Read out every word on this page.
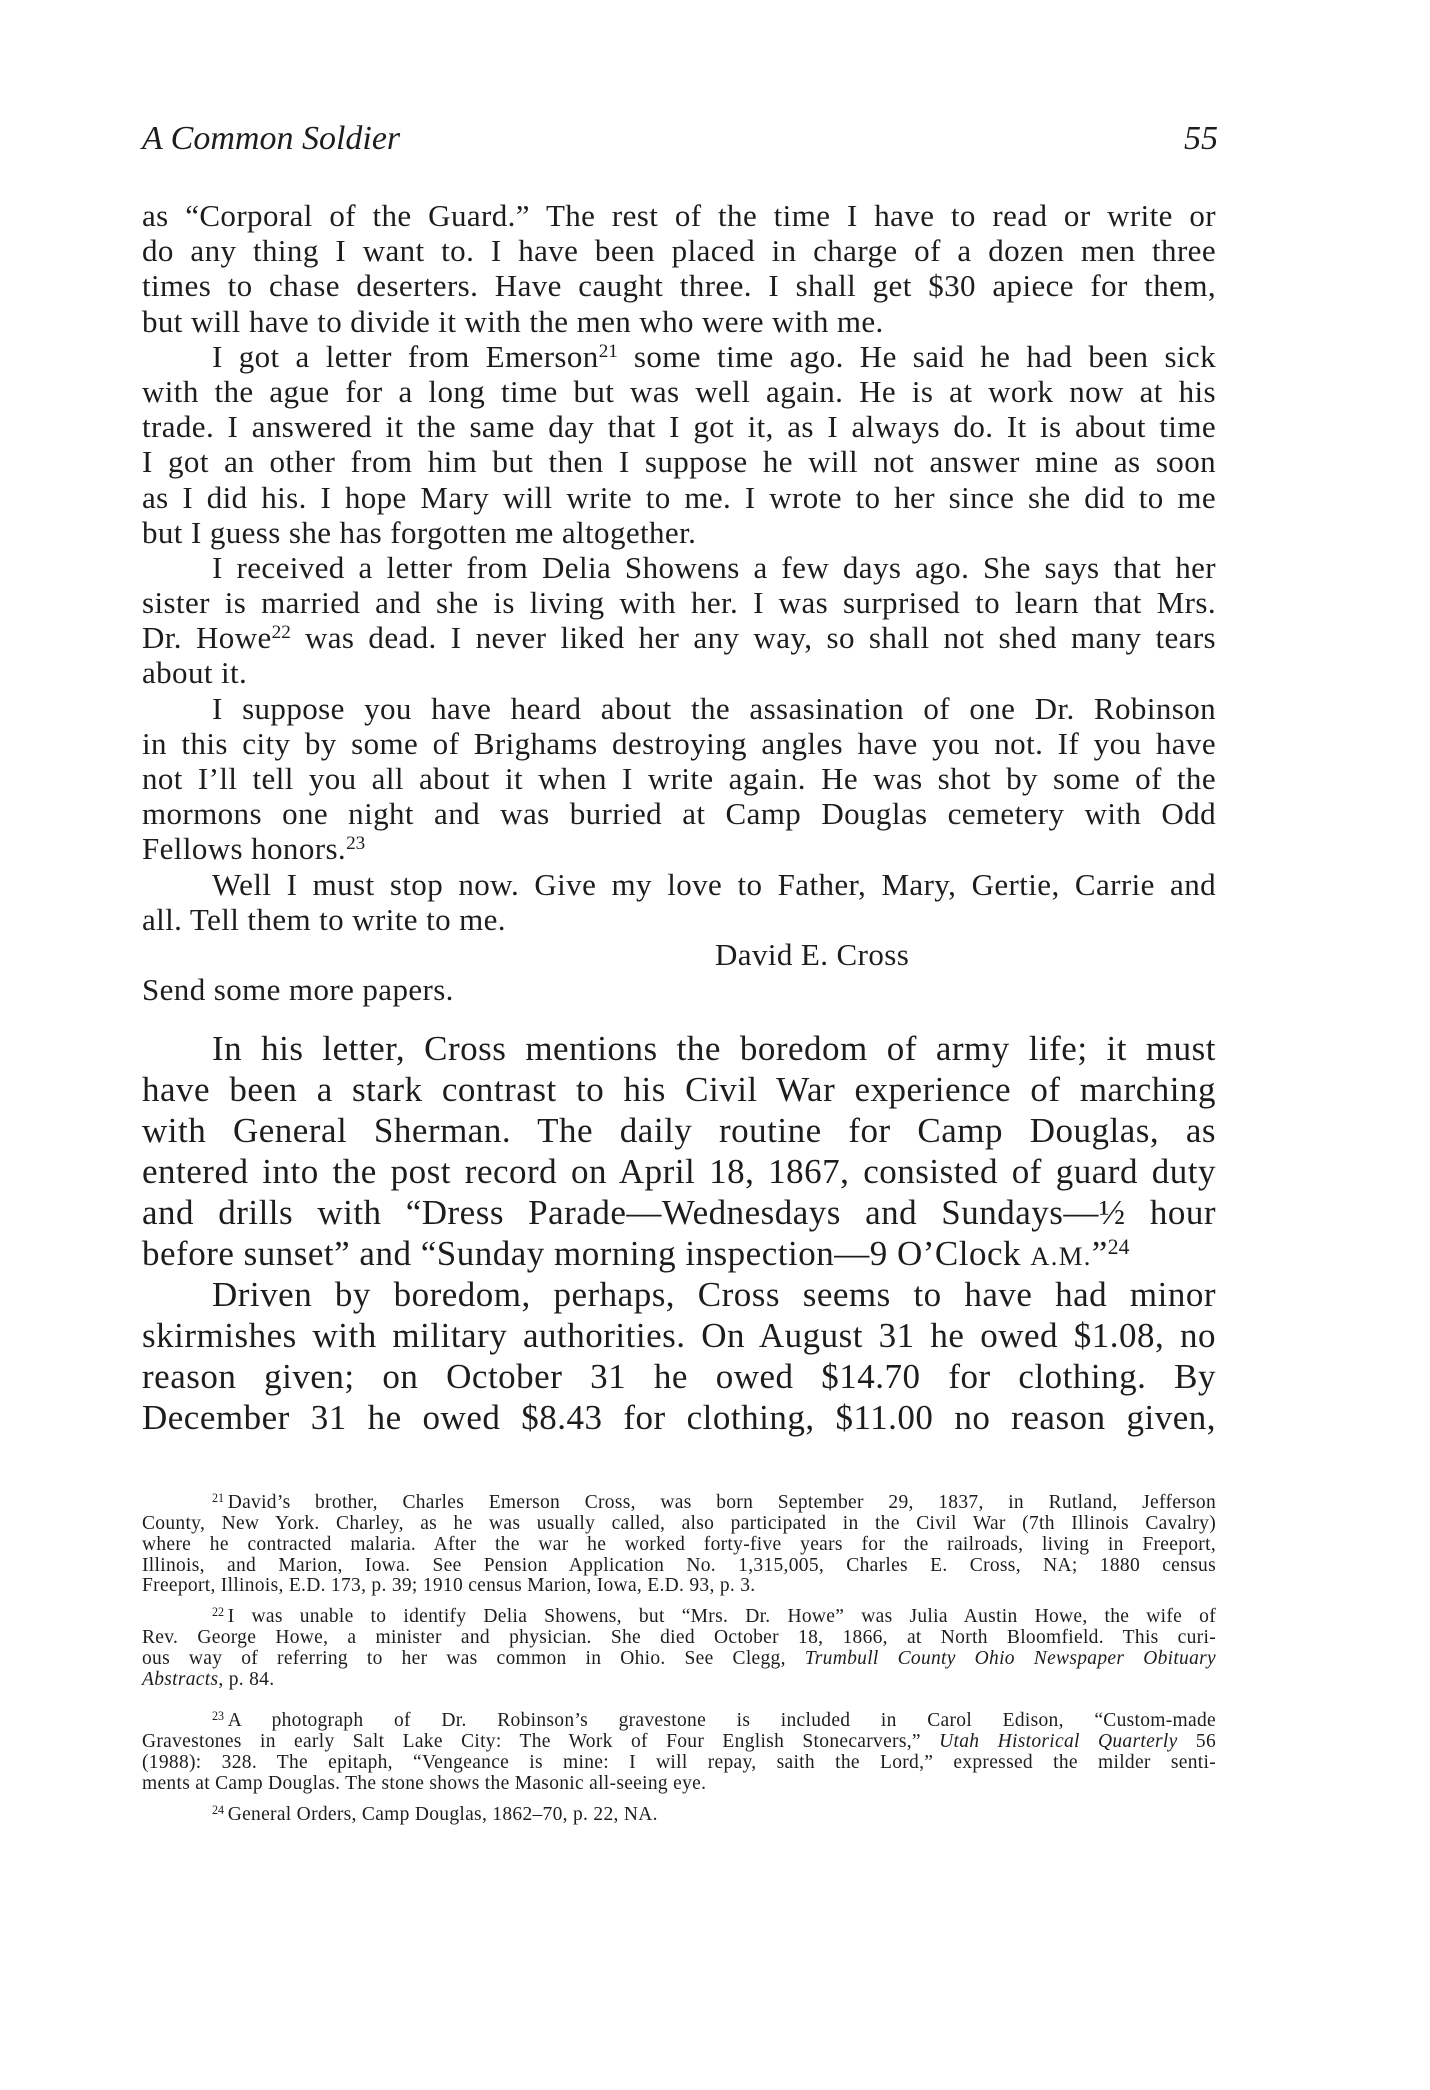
A Common Soldier	55
as “Corporal of the Guard.” The rest of the time I have to read or write or
do any thing I want to. I have been placed in charge of a dozen men three
times to chase deserters. Have caught three. I shall get $30 apiece for them,
but will have to divide it with the men who were with me.
I got a letter from Emerson$^{21}$ some time ago. He said he had been sick
with the ague for a long time but was well again. He is at work now at his
trade. I answered it the same day that I got it, as I always do. It is about time
I got an other from him but then I suppose he will not answer mine as soon
as I did his. I hope Mary will write to me. I wrote to her since she did to me
but I guess she has forgotten me altogether.
I received a letter from Delia Showens a few days ago. She says that her
sister is married and she is living with her. I was surprised to learn that Mrs.
Dr. Howe$^{22}$ was dead. I never liked her any way, so shall not shed many tears
about it.
I suppose you have heard about the assasination of one Dr. Robinson
in this city by some of Brighams destroying angles have you not. If you have
not I’ll tell you all about it when I write again. He was shot by some of the
mormons one night and was burried at Camp Douglas cemetery with Odd
Fellows honors.$^{23}$
Well I must stop now. Give my love to Father, Mary, Gertie, Carrie and
all. Tell them to write to me.
David E. Cross
Send some more papers.
In his letter, Cross mentions the boredom of army life; it must
have been a stark contrast to his Civil War experience of marching
with General Sherman. The daily routine for Camp Douglas, as
entered into the post record on April 18, 1867, consisted of guard duty
and drills with “Dress Parade—Wednesdays and Sundays—½ hour
before sunset” and “Sunday morning inspection—9 O’Clock A.M.”$^{24}$
Driven by boredom, perhaps, Cross seems to have had minor
skirmishes with military authorities. On August 31 he owed $1.08, no
reason given; on October 31 he owed $14.70 for clothing. By
December 31 he owed $8.43 for clothing, $11.00 no reason given,
$^{21}$ David’s brother, Charles Emerson Cross, was born September 29, 1837, in Rutland, Jefferson
County, New York. Charley, as he was usually called, also participated in the Civil War (7th Illinois Cavalry)
where he contracted malaria. After the war he worked forty-five years for the railroads, living in Freeport,
Illinois, and Marion, Iowa. See Pension Application No. 1,315,005, Charles E. Cross, NA; 1880 census
Freeport, Illinois, E.D. 173, p. 39; 1910 census Marion, Iowa, E.D. 93, p. 3.
$^{22}$ I was unable to identify Delia Showens, but “Mrs. Dr. Howe” was Julia Austin Howe, the wife of
Rev. George Howe, a minister and physician. She died October 18, 1866, at North Bloomfield. This curi-
ous way of referring to her was common in Ohio. See Clegg, Trumbull County Ohio Newspaper Obituary
Abstracts, p. 84.
$^{23}$ A photograph of Dr. Robinson’s gravestone is included in Carol Edison, “Custom-made
Gravestones in early Salt Lake City: The Work of Four English Stonecarvers,” Utah Historical Quarterly 56
(1988): 328. The epitaph, “Vengeance is mine: I will repay, saith the Lord,” expressed the milder senti-
ments at Camp Douglas. The stone shows the Masonic all-seeing eye.
$^{24}$ General Orders, Camp Douglas, 1862–70, p. 22, NA.
